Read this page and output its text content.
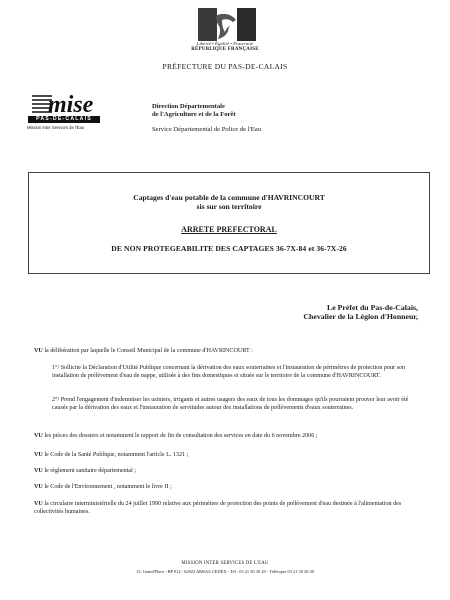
Liberté • Égalité • Fraternité
RÉPUBLIQUE FRANÇAISE
PRÉFECTURE DU PAS-DE-CALAIS
mise
PAS-DE-CALAIS
Mission Inter Services de l'Eau
Direction Départementale
de l'Agriculture et de la Forêt
Service Départemental de Police de l'Eau
Captages d'eau potable de la commune d'HAVRINCOURT
sis sur son territoire
ARRETE PREFECTORAL
DE NON PROTEGEABILITE DES CAPTAGES 36-7X-84 et 36-7X-26
Le Préfet du Pas-de-Calais,
Chevalier de la Légion d'Honneur,
VU la délibération par laquelle le Conseil Municipal de la commune d'HAVRINCOURT :
1°/ Sollicite la Déclaration d'Utilité Publique concernant la dérivation des eaux souterraines et l'instauration de périmètres de protection pour son installation de prélèvement d'eau de nappe, utilisée à des fins domestiques et située sur le territoire de la commune d'HAVRINCOURT.
2°/ Prend l'engagement d'indemniser les usiniers, irrigants et autres usagers des eaux de tous les dommages qu'ils pourraient prouver leur avoir été causés par la dérivation des eaux et l'instauration de servitudes autour des installations de prélèvements d'eaux souterraines.
VU les pièces des dossiers et notamment le rapport de fin de consultation des services en date du 6 novembre 2006 ;
VU le Code de la Santé Publique, notamment l'article L. 1321 ;
VU le règlement sanitaire départemental ;
VU le Code de l'Environnement , notamment le livre II ;
VU la circulaire interministérielle du 24 juillet 1990 relative aux périmètres de protection des points de prélèvement d'eau destinée à l'alimentation des collectivités humaines.
MISSION INTER SERVICES DE L'EAU
13, Grand'Place - BP 912 - 62022 ARRAS CEDEX - Tél : 03 21 50 30 18 - Télécopie 03 21 50 30 30
